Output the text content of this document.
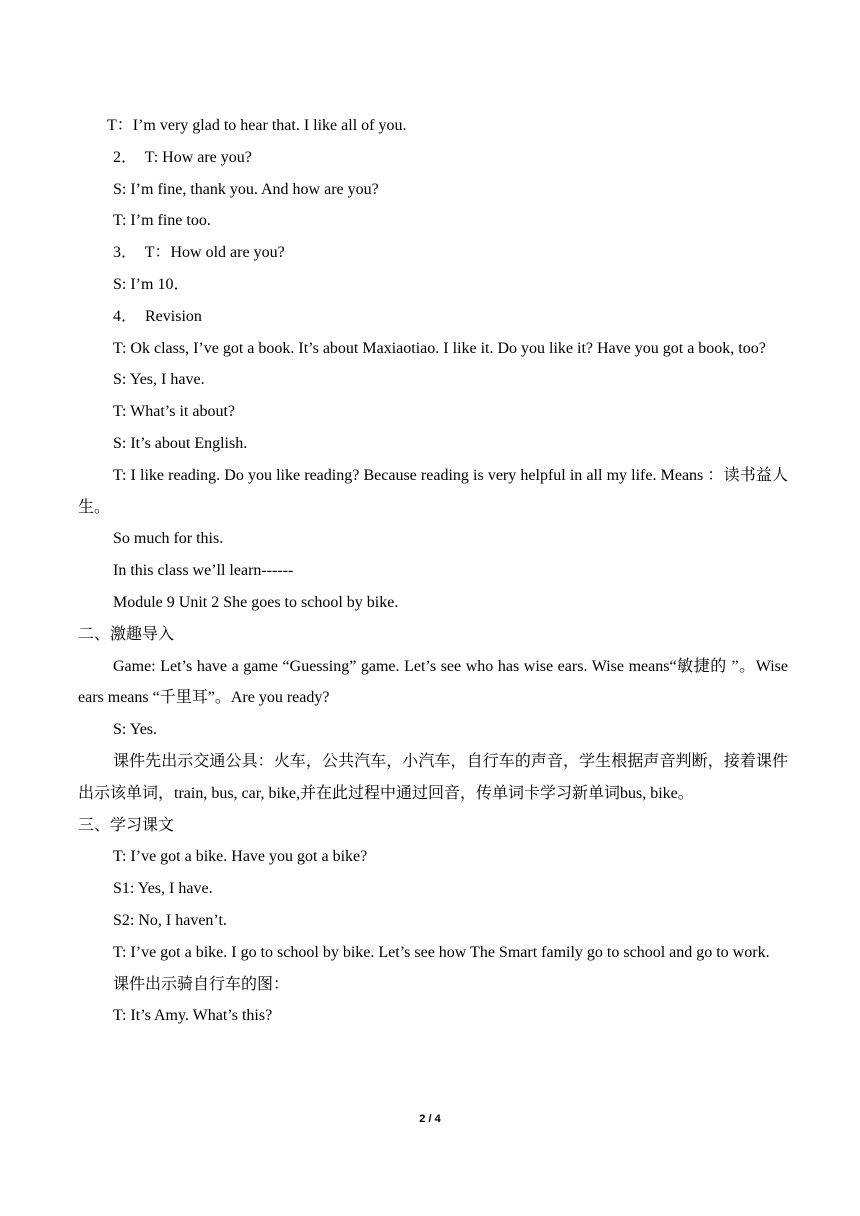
T：I’m very glad to hear that. I like all of you.

2．  T: How are you?

S: I’m fine, thank you. And how are you?

T: I’m fine too.

3．  T：How old are you?

S: I’m 10．

4．  Revision

T: Ok class, I’ve got a book. It’s about Maxiaotiao. I like it. Do you like it? Have you got a book, too?

S: Yes, I have.

T: What’s it about?

S: It’s about English.

T: I like reading. Do you like reading? Because reading is very helpful in all my life. Means ：读书益人生。

So much for this.

In this class we’ll learn------

Module 9 Unit 2 She goes to school by bike.

二、激趣导入

Game: Let’s have a game “Guessing” game. Let’s see who has wise ears. Wise means“敏捷的 ”。Wise ears means “千里耳”。Are you ready?

S: Yes.

课件先出示交通公具：火车，公共汽车，小汽车，自行车的声音，学生根据声音判断，接着课件出示该单词，train, bus, car, bike,并在此过程中通过回音，传单词卡学习新单词bus, bike。

三、学习课文

T: I’ve got a bike. Have you got a bike?

S1: Yes, I have.

S2: No, I haven’t.

T: I’ve got a bike. I go to school by bike. Let’s see how The Smart family go to school and go to work.

课件出示骑自行车的图：

T: It’s Amy. What’s this?

2 / 4
